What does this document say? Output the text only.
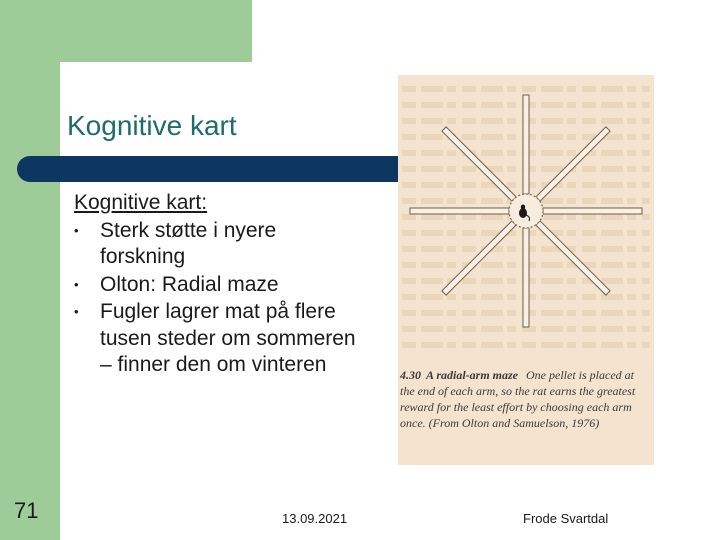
Kognitive kart

Kognitive kart:

• Sterk støtte i nyere forskning
• Olton: Radial maze
• Fugler lagrer mat på flere tusen steder om sommeren – finner den om vinteren	4.30 A radial-arm maze One pellet is placed at the end of each arm, so the rat earns the greatest reward for the least effort by choosing each arm once. (From Olton and Samuelson, 1976)
71	13.09.2021	Frode Svartdal
